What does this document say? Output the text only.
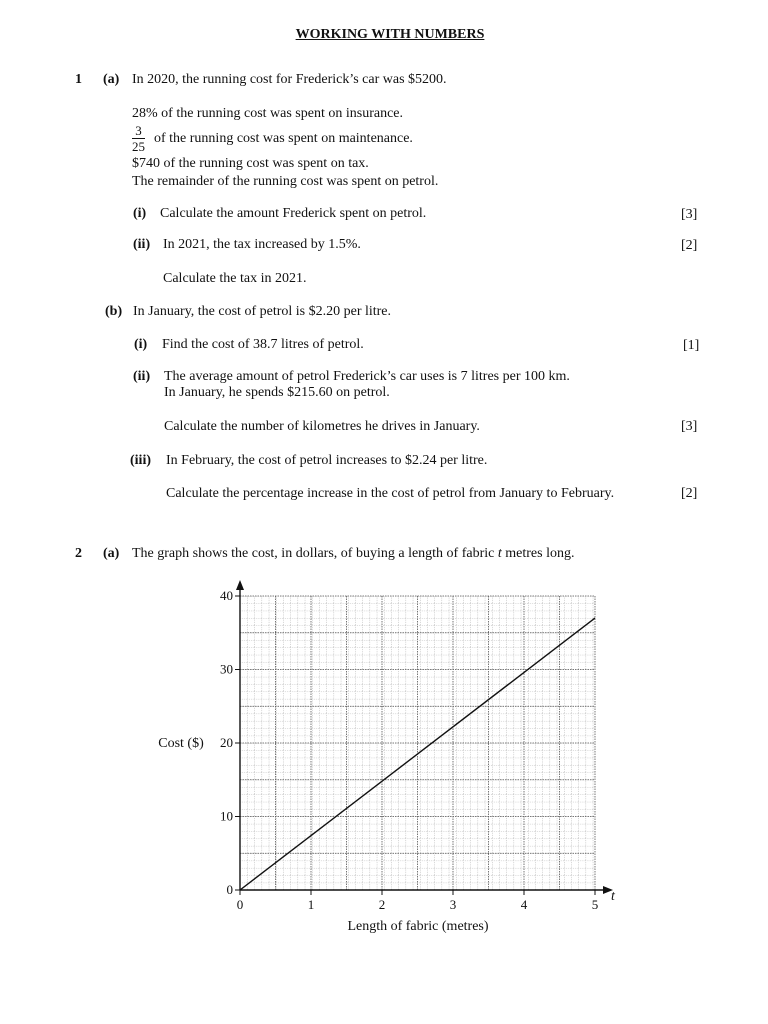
WORKING WITH NUMBERS
1 (a) In 2020, the running cost for Frederick’s car was $5200.
28% of the running cost was spent on insurance.
$\frac{3}{25}$ of the running cost was spent on maintenance.
$740 of the running cost was spent on tax.
The remainder of the running cost was spent on petrol.
(i) Calculate the amount Frederick spent on petrol.	[3]
(ii) In 2021, the tax increased by 1.5%.	[2]
Calculate the tax in 2021.
(b) In January, the cost of petrol is $2.20 per litre.
(i) Find the cost of 38.7 litres of petrol.	[1]
(ii) The average amount of petrol Frederick’s car uses is 7 litres per 100 km.
In January, he spends $215.60 on petrol.
Calculate the number of kilometres he drives in January.	[3]
(iii) In February, the cost of petrol increases to $2.24 per litre.
Calculate the percentage increase in the cost of petrol from January to February.	[2]
2 (a) The graph shows the cost, in dollars, of buying a length of fabric t metres long.
0	1	2	3	4	5
0
10
20
30
40
Cost ($)
Length of fabric (metres)
t
